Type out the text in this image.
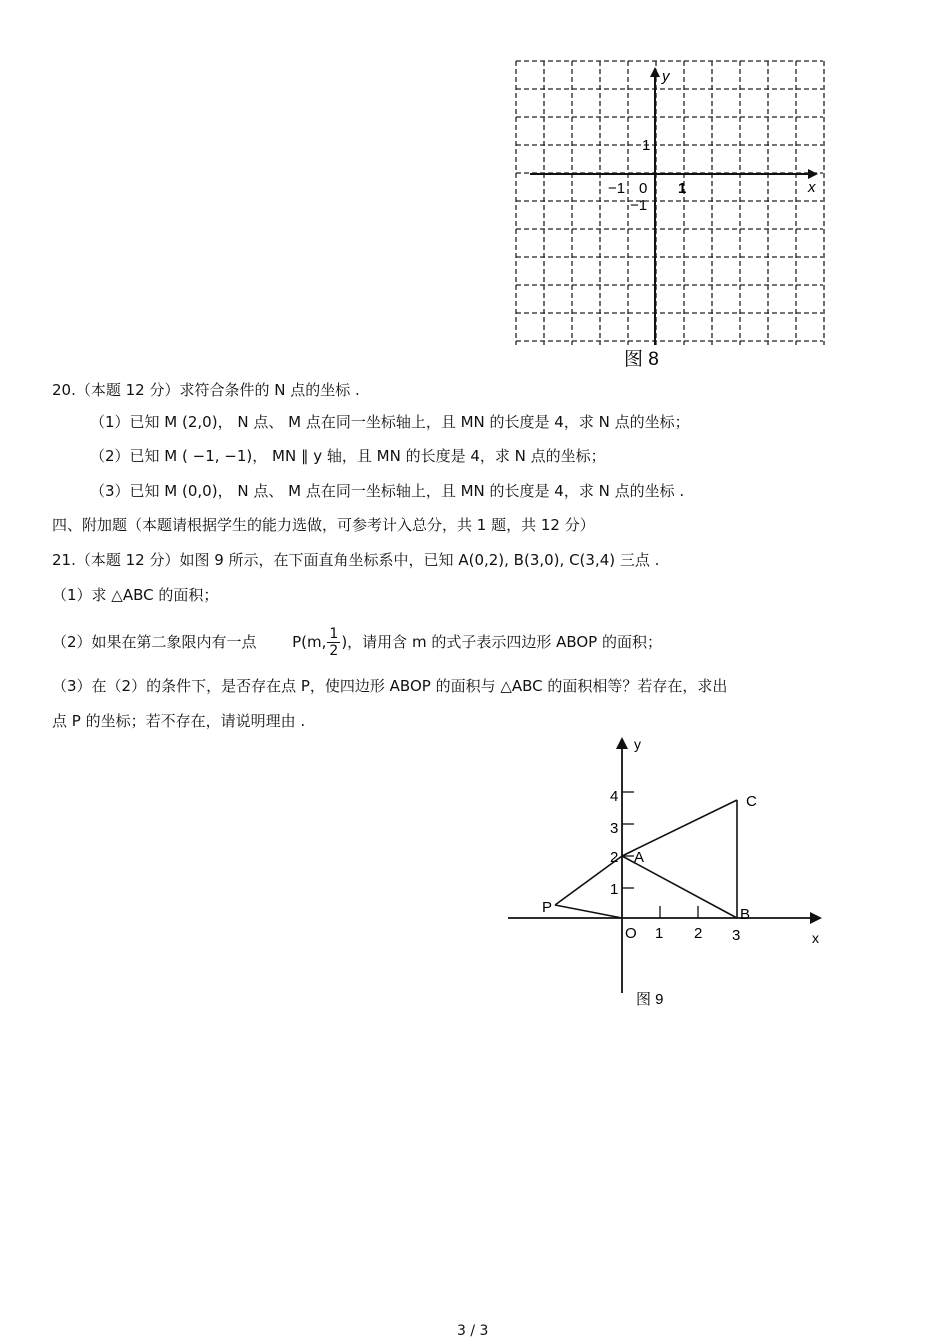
x
y
1
−1 0
−1
1
图 8
20.（本题 12 分）求符合条件的 N 点的坐标 .
（1）已知 M (2,0)， N 点、 M 点在同一坐标轴上，且 MN 的长度是 4，求 N 点的坐标；
（2）已知 M ( −1, −1)， MN ∥ y 轴，且 MN 的长度是 4，求 N 点的坐标；
（3）已知 M (0,0)， N 点、 M 点在同一坐标轴上，且 MN 的长度是 4，求 N 点的坐标 .
四、附加题（本题请根据学生的能力选做，可参考计入总分，共 1 题，共 12 分）
21.（本题 12 分）如图 9 所示，在下面直角坐标系中，已知 A(0,2), B(3,0), C(3,4) 三点 .
（1）求 △ABC 的面积；
（2）如果在第二象限内有一点 P(m, $\frac{1}{2}$ )，请用含 m 的式子表示四边形 ABOP 的面积；
（3）在（2）的条件下，是否存在点 P，使四边形 ABOP 的面积与 △ABC 的面积相等？若存在，求出
点 P 的坐标；若不存在，请说明理由 .
y
x
4
3
2
1
O 1 2 3
A
B
C
P
图 9
3 / 3
